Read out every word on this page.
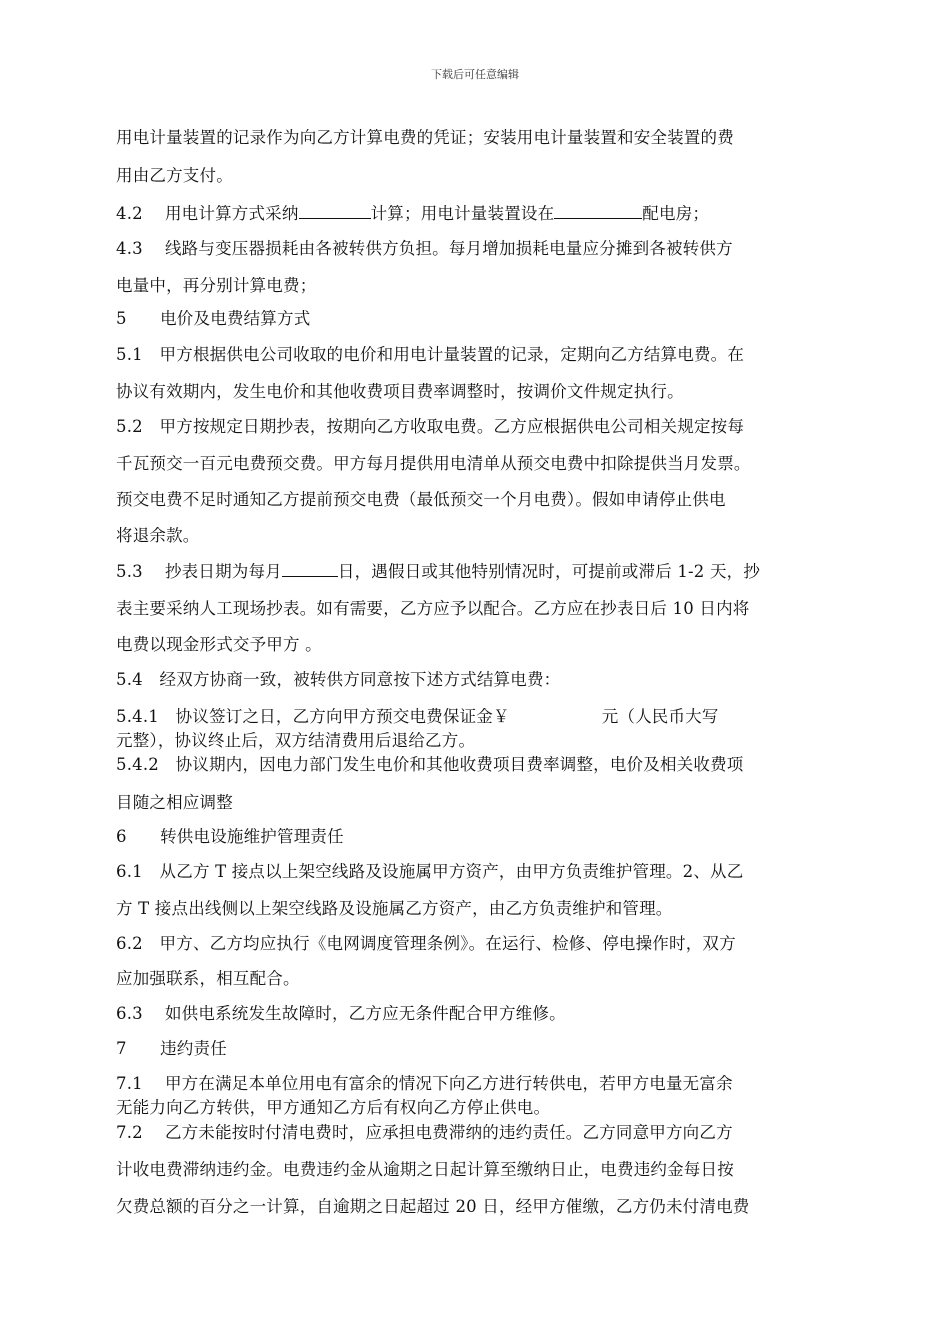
下载后可任意编辑
用电计量装置的记录作为向乙方计算电费的凭证；安装用电计量装置和安全装置的费
用由乙方支付。
4.2　 用电计算方式采纳	计算；用电计量装置设在	配电房；
4.3　 线路与变压器损耗由各被转供方负担。每月增加损耗电量应分摊到各被转供方
电量中，再分别计算电费；
5　　电价及电费结算方式
5.1　甲方根据供电公司收取的电价和用电计量装置的记录，定期向乙方结算电费。在
协议有效期内，发生电价和其他收费项目费率调整时，按调价文件规定执行。
5.2　甲方按规定日期抄表，按期向乙方收取电费。乙方应根据供电公司相关规定按每
千瓦预交一百元电费预交费。甲方每月提供用电清单从预交电费中扣除提供当月发票。
预交电费不足时通知乙方提前预交电费（最低预交一个月电费）。假如申请停止供电
将退余款。
5.3　 抄表日期为每月	日，遇假日或其他特别情况时，可提前或滞后 1-2 天，抄
表主要采纳人工现场抄表。如有需要，乙方应予以配合。乙方应在抄表日后 10 日内将
电费以现金形式交予甲方 。
5.4　经双方协商一致，被转供方同意按下述方式结算电费：
5.4.1　协议签订之日，乙方向甲方预交电费保证金￥	元（人民币大写
元整），协议终止后，双方结清费用后退给乙方。
5.4.2　协议期内，因电力部门发生电价和其他收费项目费率调整，电价及相关收费项
目随之相应调整
6　　转供电设施维护管理责任
6.1　从乙方 T 接点以上架空线路及设施属甲方资产，由甲方负责维护管理。2、从乙
方 T 接点出线侧以上架空线路及设施属乙方资产，由乙方负责维护和管理。
6.2　甲方、乙方均应执行《电网调度管理条例》。在运行、检修、停电操作时，双方
应加强联系，相互配合。
6.3　 如供电系统发生故障时，乙方应无条件配合甲方维修。
7　　违约责任
7.1　 甲方在满足本单位用电有富余的情况下向乙方进行转供电，若甲方电量无富余
无能力向乙方转供，甲方通知乙方后有权向乙方停止供电。
7.2　 乙方未能按时付清电费时，应承担电费滞纳的违约责任。乙方同意甲方向乙方
计收电费滞纳违约金。电费违约金从逾期之日起计算至缴纳日止，电费违约金每日按
欠费总额的百分之一计算，自逾期之日起超过 20 日，经甲方催缴，乙方仍未付清电费
